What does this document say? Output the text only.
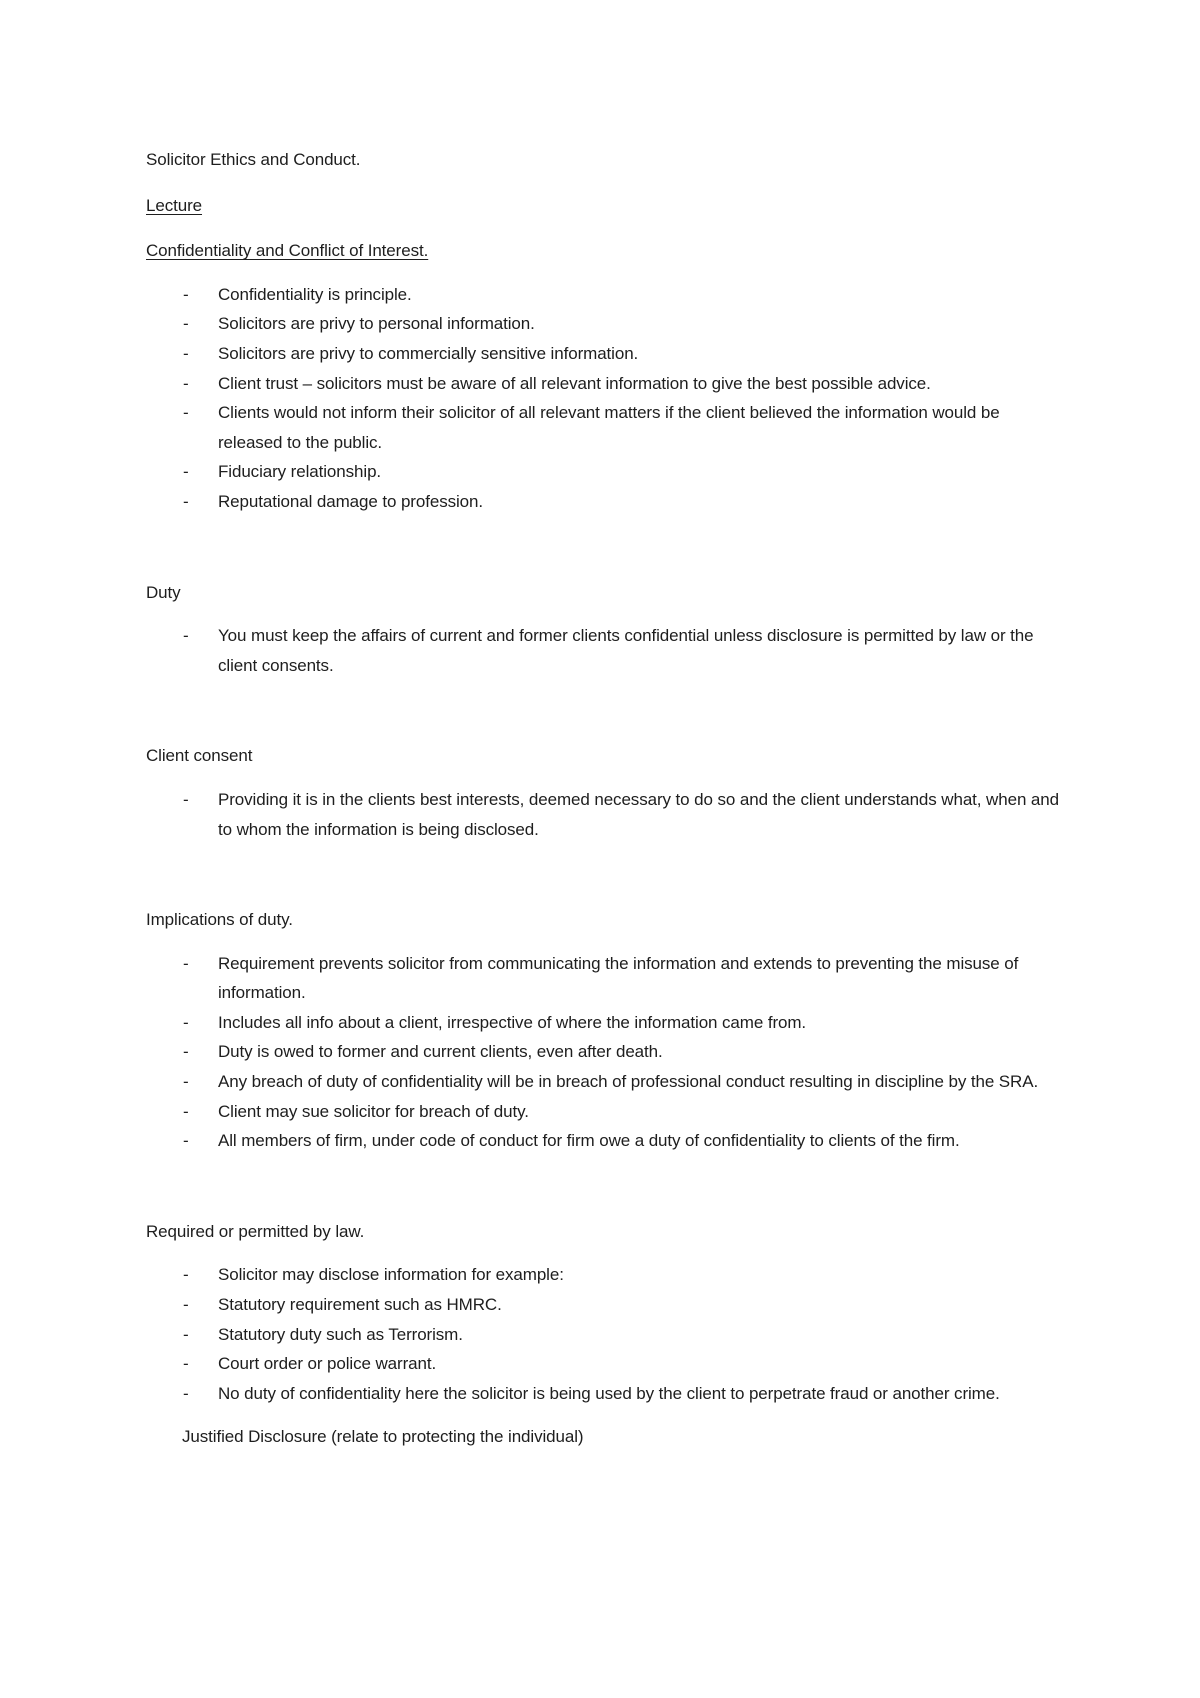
Solicitor Ethics and Conduct.

Lecture

Confidentiality and Conflict of Interest.

- Confidentiality is principle.
- Solicitors are privy to personal information.
- Solicitors are privy to commercially sensitive information.
- Client trust – solicitors must be aware of all relevant information to give the best possible advice.
- Clients would not inform their solicitor of all relevant matters if the client believed the information would be released to the public.
- Fiduciary relationship.
- Reputational damage to profession.

Duty

- You must keep the affairs of current and former clients confidential unless disclosure is permitted by law or the client consents.

Client consent

- Providing it is in the clients best interests, deemed necessary to do so and the client understands what, when and to whom the information is being disclosed.

Implications of duty.

- Requirement prevents solicitor from communicating the information and extends to preventing the misuse of information.
- Includes all info about a client, irrespective of where the information came from.
- Duty is owed to former and current clients, even after death.
- Any breach of duty of confidentiality will be in breach of professional conduct resulting in discipline by the SRA.
- Client may sue solicitor for breach of duty.
- All members of firm, under code of conduct for firm owe a duty of confidentiality to clients of the firm.

Required or permitted by law.

- Solicitor may disclose information for example:
- Statutory requirement such as HMRC.
- Statutory duty such as Terrorism.
- Court order or police warrant.
- No duty of confidentiality here the solicitor is being used by the client to perpetrate fraud or another crime.

Justified Disclosure (relate to protecting the individual)
